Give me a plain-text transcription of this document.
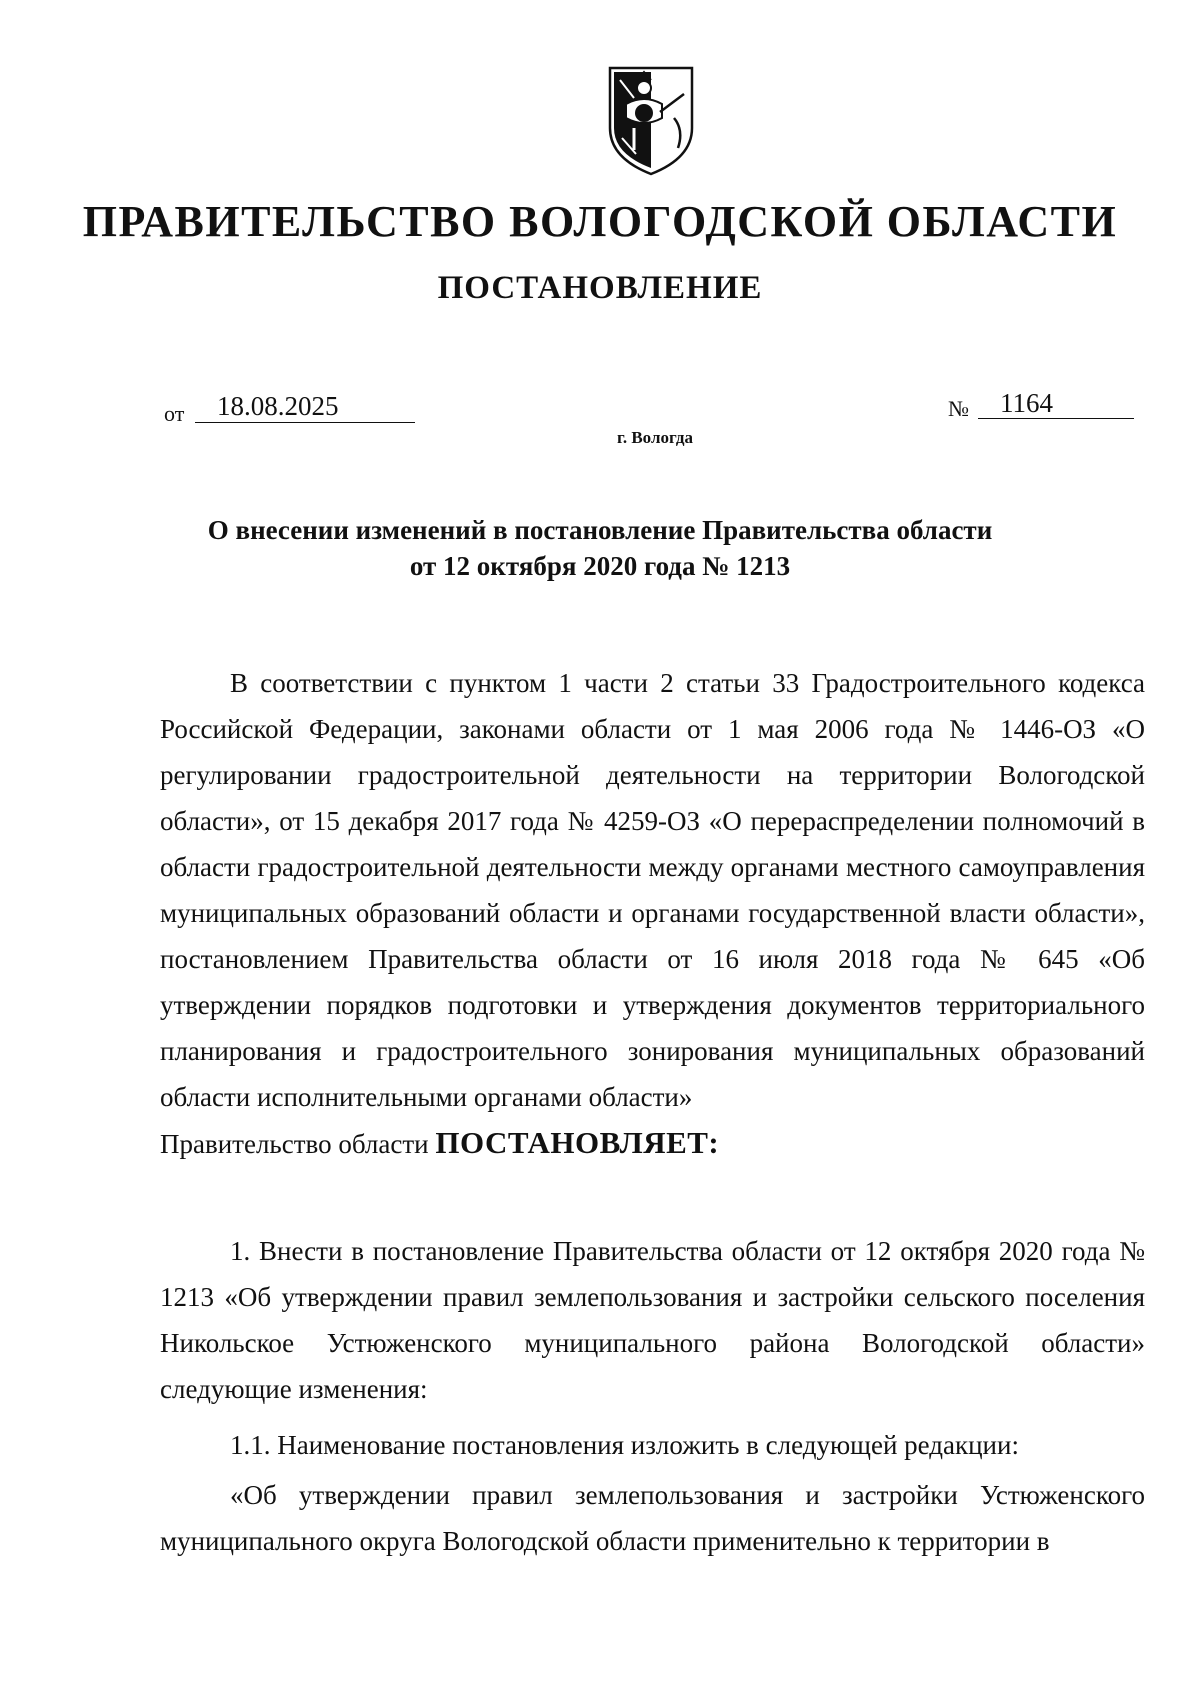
ПРАВИТЕЛЬСТВО ВОЛОГОДСКОЙ ОБЛАСТИ
ПОСТАНОВЛЕНИЕ
от	18.08.2025	№	1164
г. Вологда
О внесении изменений в постановление Правительства области
от 12 октября 2020 года № 1213

В соответствии с пунктом 1 части 2 статьи 33 Градостроительного кодекса Российской Федерации, законами области от 1 мая 2006 года № 1446-ОЗ «О регулировании градостроительной деятельности на территории Вологодской области», от 15 декабря 2017 года № 4259-ОЗ «О перераспределении полномочий в области градостроительной деятельности между органами местного самоуправления муниципальных образований области и органами государственной власти области», постановлением Правительства области от 16 июля 2018 года № 645 «Об утверждении порядков подготовки и утверждения документов территориального планирования и градостроительного зонирования муниципальных образований области исполнительными органами области»

Правительство области ПОСТАНОВЛЯЕТ:

1. Внести в постановление Правительства области от 12 октября 2020 года № 1213 «Об утверждении правил землепользования и застройки сельского поселения Никольское Устюженского муниципального района Вологодской области» следующие изменения:

1.1. Наименование постановления изложить в следующей редакции:

«Об утверждении правил землепользования и застройки Устюженского муниципального округа Вологодской области применительно к территории в
